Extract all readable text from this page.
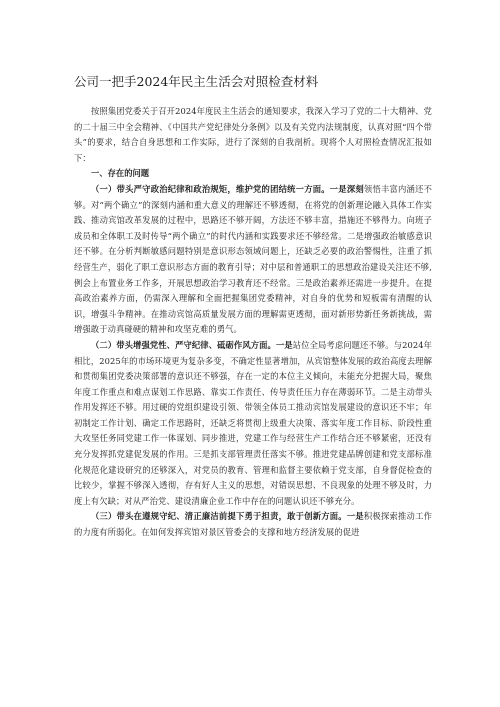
公司一把手2024年民主生活会对照检查材料

按照集团党委关于召开2024年度民主生活会的通知要求，我深入学习了党的二十大精神、党的二十届三中全会精神、《中国共产党纪律处分条例》以及有关党内法规制度，认真对照“四个带头”的要求，结合自身思想和工作实际，进行了深刻的自我剖析。现将个人对照检查情况汇报如下：

一、存在的问题

（一）带头严守政治纪律和政治规矩，维护党的团结统一方面。一是深刻领悟丰富内涵还不够。对“两个确立”的深刻内涵和重大意义的理解还不够透彻，在将党的创新理论融入具体工作实践、推动宾馆改革发展的过程中，思路还不够开阔，方法还不够丰富，措施还不够得力。向班子成员和全体职工及时传导“两个确立”的时代内涵和实践要求还不够经常。二是增强政治敏感意识还不够。在分析判断敏感问题特别是意识形态领域问题上，还缺乏必要的政治警惕性，注重了抓经营生产，弱化了职工意识形态方面的教育引导；对中层和普通职工的思想政治建设关注还不够,例会上布置业务工作多，开展思想政治学习教育还不经常。三是政治素养还需进一步提升。在提高政治素养方面，仍需深入理解和全面把握集团党委精神，对自身的优势和短板需有清醒的认识，增强斗争精神。在推动宾馆高质量发展方面的理解需更透彻，面对新形势新任务新挑战，需增强敢于动真碰硬的精神和攻坚克难的勇气。

（二）带头增强党性、严守纪律、砥砺作风方面。一是站位全局考虑问题还不够。与2024年相比，2025年的市场环境更为复杂多变，不确定性显著增加，从宾馆整体发展的政治高度去理解和贯彻集团党委决策部署的意识还不够强，存在一定的本位主义倾向，未能充分把握大局，聚焦年度工作重点和难点谋划工作思路、靠实工作责任、传导责任压力存在薄弱环节。二是主动带头作用发挥还不够。用过硬的党组织建设引领、带领全体员工推动宾馆发展建设的意识还不牢；年初制定工作计划、确定工作思路时，还缺乏将贯彻上级重大决策、落实年度工作目标、阶段性重大攻坚任务同党建工作一体谋划、同步推进，党建工作与经营生产工作结合还不够紧密，还没有充分发挥抓党建促发展的作用。三是抓支部管理责任落实不够。推进党建品牌创建和党支部标准化规范化建设研究的还够深入，对党员的教育、管理和监督主要依赖于党支部，自身督促检查的比较少，掌握不够深入透彻，存有好人主义的思想，对错误思想、不良现象的处理不够及时，力度上有欠缺；对从严治党、建设清廉企业工作中存在的问题认识还不够充分。

（三）带头在遵规守纪、清正廉洁前提下勇于担责，敢于创新方面。一是积极探索推动工作的力度有所弱化。在如何发挥宾馆对景区管委会的支撑和地方经济发展的促进
